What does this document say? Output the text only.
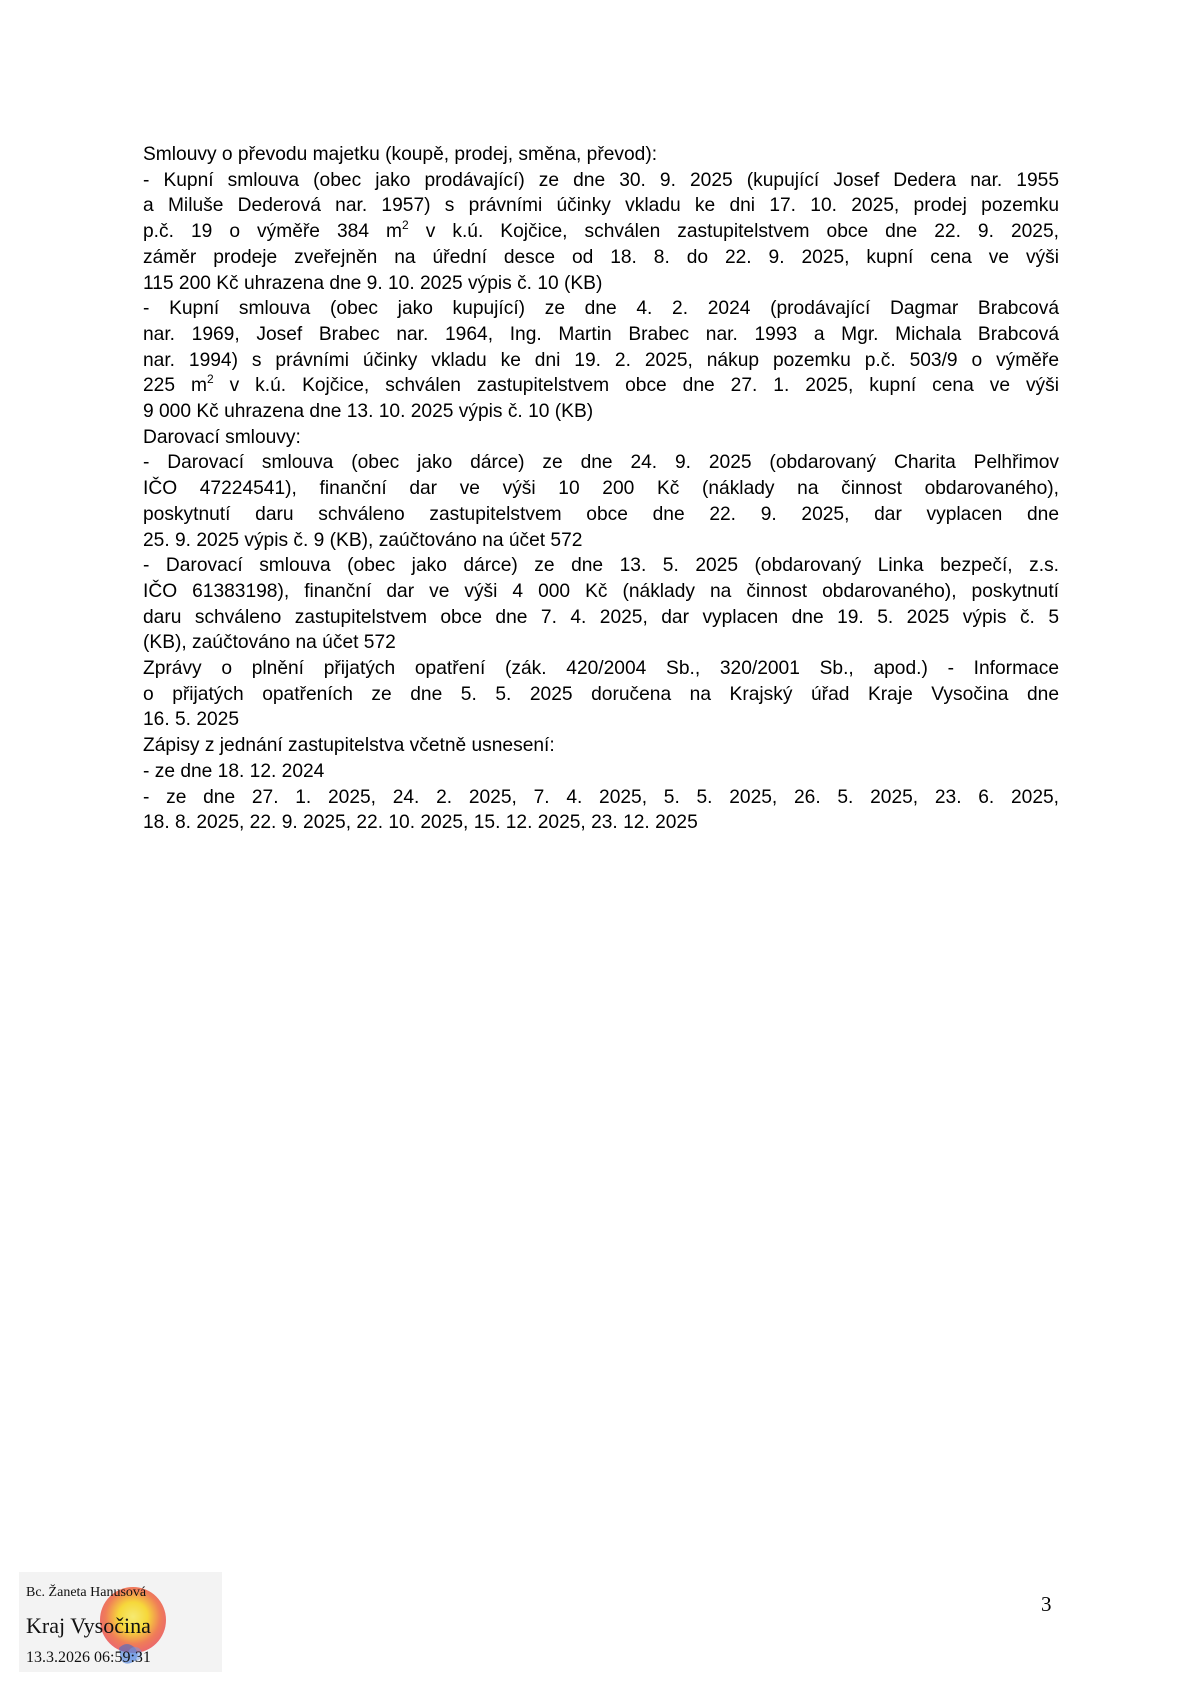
Smlouvy o převodu majetku (koupě, prodej, směna, převod):
- Kupní smlouva (obec jako prodávající) ze dne 30. 9. 2025 (kupující Josef Dedera nar. 1955
a Miluše Dederová nar. 1957) s právními účinky vkladu ke dni 17. 10. 2025, prodej pozemku
p.č. 19 o výměře 384 $m^2$ v k.ú. Kojčice, schválen zastupitelstvem obce dne 22. 9. 2025,
záměr prodeje zveřejněn na úřední desce od 18. 8. do 22. 9. 2025, kupní cena ve výši
115 200 Kč uhrazena dne 9. 10. 2025 výpis č. 10 (KB)
- Kupní smlouva (obec jako kupující) ze dne 4. 2. 2024 (prodávající Dagmar Brabcová
nar. 1969, Josef Brabec nar. 1964, Ing. Martin Brabec nar. 1993 a Mgr. Michala Brabcová
nar. 1994) s právními účinky vkladu ke dni 19. 2. 2025, nákup pozemku p.č. 503/9 o výměře
225 $m^2$ v k.ú. Kojčice, schválen zastupitelstvem obce dne 27. 1. 2025, kupní cena ve výši
9 000 Kč uhrazena dne 13. 10. 2025 výpis č. 10 (KB)
Darovací smlouvy:
- Darovací smlouva (obec jako dárce) ze dne 24. 9. 2025 (obdarovaný Charita Pelhřimov
IČO 47224541), finanční dar ve výši 10 200 Kč (náklady na činnost obdarovaného),
poskytnutí daru schváleno zastupitelstvem obce dne 22. 9. 2025, dar vyplacen dne
25. 9. 2025 výpis č. 9 (KB), zaúčtováno na účet 572
- Darovací smlouva (obec jako dárce) ze dne 13. 5. 2025 (obdarovaný Linka bezpečí, z.s.
IČO 61383198), finanční dar ve výši 4 000 Kč (náklady na činnost obdarovaného), poskytnutí
daru schváleno zastupitelstvem obce dne 7. 4. 2025, dar vyplacen dne 19. 5. 2025 výpis č. 5
(KB), zaúčtováno na účet 572
Zprávy o plnění přijatých opatření (zák. 420/2004 Sb., 320/2001 Sb., apod.) - Informace
o přijatých opatřeních ze dne 5. 5. 2025 doručena na Krajský úřad Kraje Vysočina dne
16. 5. 2025
Zápisy z jednání zastupitelstva včetně usnesení:
- ze dne 18. 12. 2024
- ze dne 27. 1. 2025, 24. 2. 2025, 7. 4. 2025, 5. 5. 2025, 26. 5. 2025, 23. 6. 2025,
18. 8. 2025, 22. 9. 2025, 22. 10. 2025, 15. 12. 2025, 23. 12. 2025
3
Bc. Žaneta Hanusová
Kraj Vysočina
13.3.2026 06:59:31
